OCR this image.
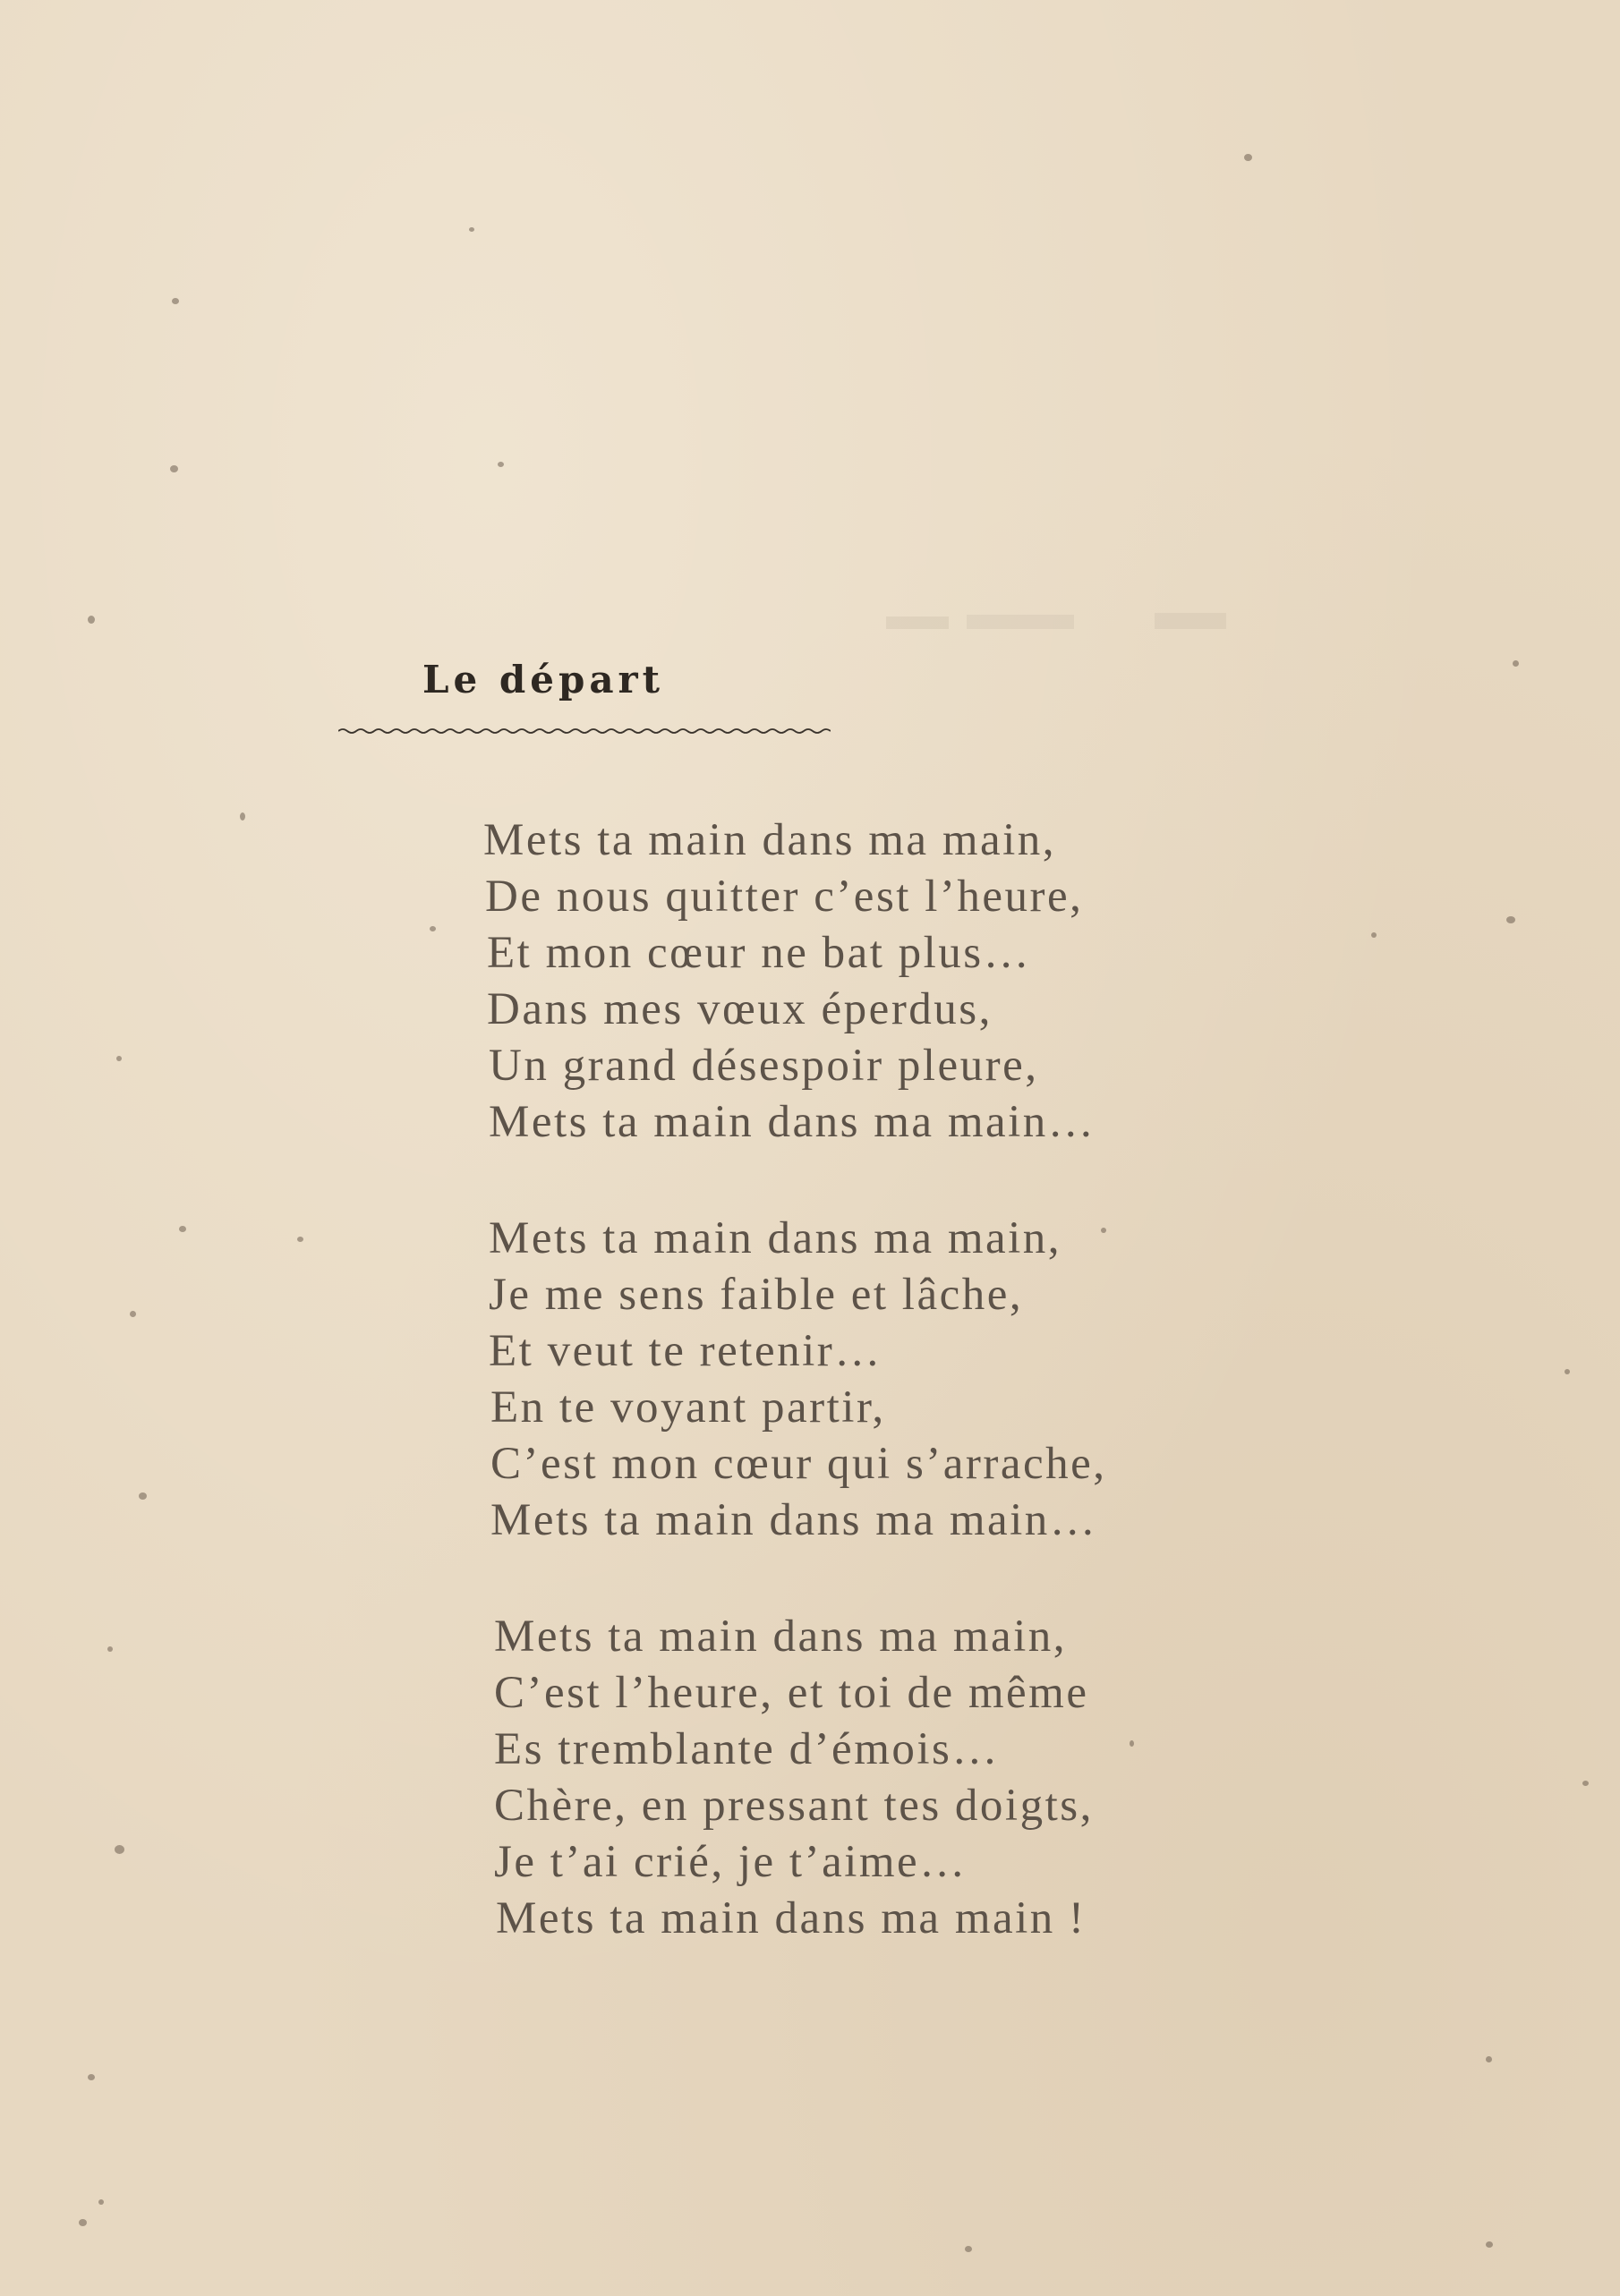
Le départ
Mets ta main dans ma main,
De nous quitter c’est l’heure,
Et mon cœur ne bat plus…
Dans mes vœux éperdus,
Un grand désespoir pleure,
Mets ta main dans ma main…
Mets ta main dans ma main,
Je me sens faible et lâche,
Et veut te retenir…
En te voyant partir,
C’est mon cœur qui s’arrache,
Mets ta main dans ma main…
Mets ta main dans ma main,
C’est l’heure, et toi de même
Es tremblante d’émois…
Chère, en pressant tes doigts,
Je t’ai crié, je t’aime…
Mets ta main dans ma main !
